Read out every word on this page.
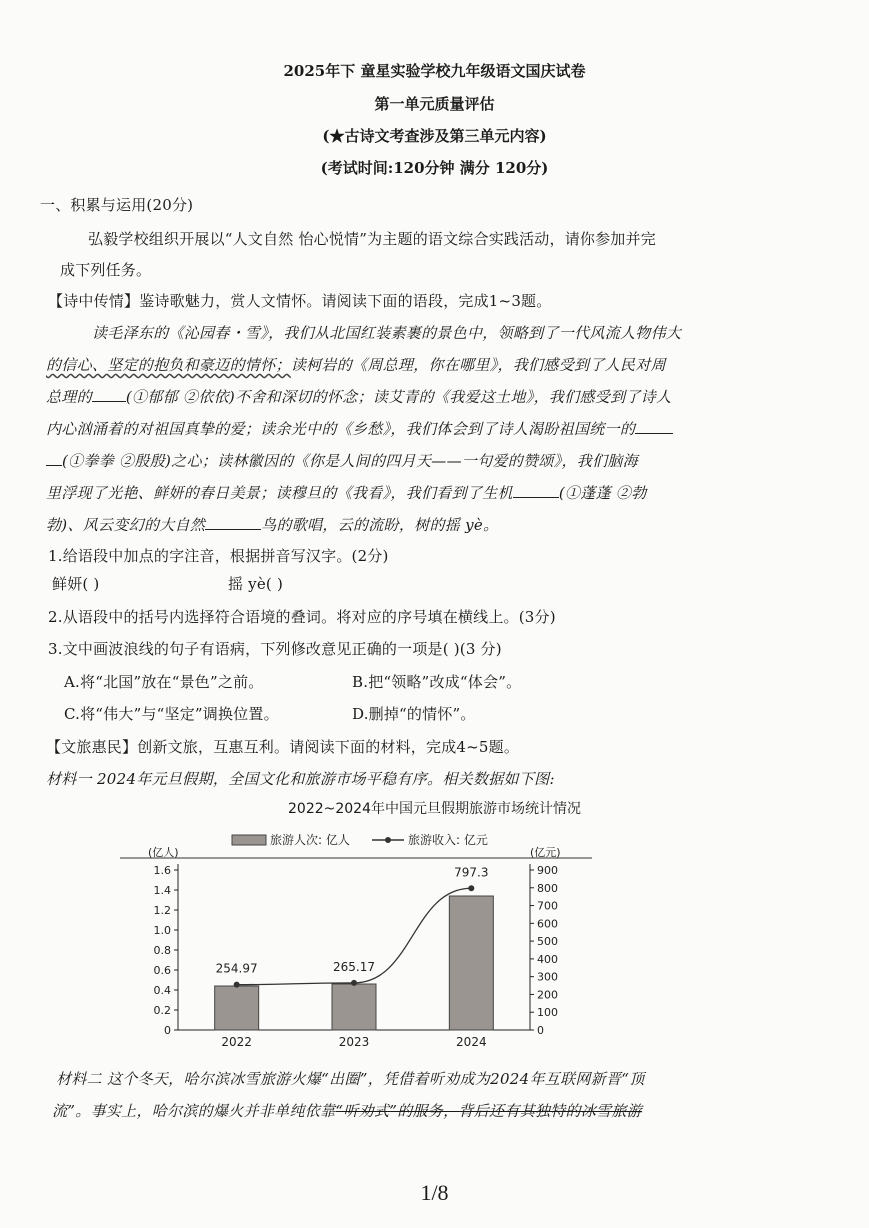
2025年下 童星实验学校九年级语文国庆试卷
第一单元质量评估
(★古诗文考查涉及第三单元内容)
(考试时间:120分钟 满分 120分)
一、积累与运用(20分)
弘毅学校组织开展以“人文自然 怡心悦情”为主题的语文综合实践活动，请你参加并完
成下列任务。
【诗中传情】鉴诗歌魅力，赏人文情怀。请阅读下面的语段，完成1~3题。
读毛泽东的《沁园春・雪》，我们从北国红装素裹的景色中，领略到了一代风流人物伟大
的信心、坚定的抱负和豪迈的情怀；读柯岩的《周总理，你在哪里》，我们感受到了人民对周
总理的 (①郁郁 ②依依)不舍和深切的怀念；读艾青的《我爱这土地》，我们感受到了诗人
内心汹涌着的对祖国真挚的爱；读余光中的《乡愁》，我们体会到了诗人渴盼祖国统一的
(①拳拳 ②殷殷)之心；读林徽因的《你是人间的四月天——一句爱的赞颂》，我们脑海
里浮现了光艳、鲜妍的春日美景；读穆旦的《我看》，我们看到了生机	(①蓬蓬 ②勃
勃)、风云变幻的大自然	鸟的歌唱，云的流盼，树的摇 yè。
1.给语段中加点的字注音，根据拼音写汉字。(2分)
鲜妍( )	摇 yè( )
2.从语段中的括号内选择符合语境的叠词。将对应的序号填在横线上。(3分)
3.文中画波浪线的句子有语病，下列修改意见正确的一项是( )(3 分)
A.将“北国”放在“景色”之前。	B.把“领略”改成“体会”。
C.将“伟大”与“坚定”调换位置。	D.删掉“的情怀”。
【文旅惠民】创新文旅，互惠互利。请阅读下面的材料，完成4~5题。
材料一 2024年元旦假期，全国文化和旅游市场平稳有序。相关数据如下图:
2022~2024年中国元旦假期旅游市场统计情况
旅游人次: 亿人	旅游收入: 亿元
(亿人)	(亿元)
0
0.2
0.4
0.6
0.8
1.0
1.2
1.4
1.6
0
100
200
300
400
500
600
700
800
900
2022	2023	2024
254.97	265.17
797.3
材料二 这个冬天，哈尔滨冰雪旅游火爆“出圈”，凭借着听劝成为2024年互联网新晋“顶
流”。事实上，哈尔滨的爆火并非单纯依靠“听劝式”的服务，背后还有其独特的冰雪旅游
1/8
